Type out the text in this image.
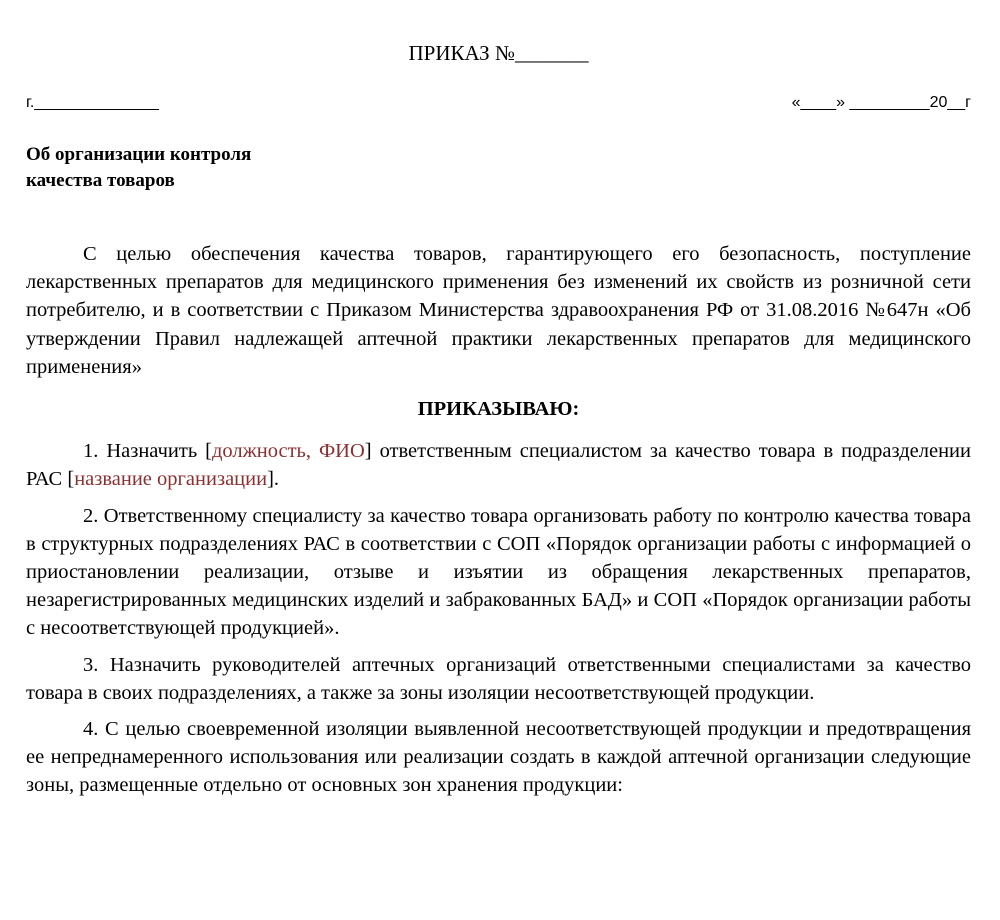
ПРИКАЗ №_______
г.______________	«____» _________20__г
Об организации контроля
качества товаров

С целью обеспечения качества товаров, гарантирующего его безопасность, поступление лекарственных препаратов для медицинского применения без изменений их свойств из розничной сети потребителю, и в соответствии с Приказом Министерства здравоохранения РФ от 31.08.2016 №647н «Об утверждении Правил надлежащей аптечной практики лекарственных препаратов для медицинского применения»

ПРИКАЗЫВАЮ:

1. Назначить [должность, ФИО] ответственным специалистом за качество товара в подразделении РАС [название организации].

2. Ответственному специалисту за качество товара организовать работу по контролю качества товара в структурных подразделениях РАС в соответствии с СОП «Порядок организации работы с информацией о приостановлении реализации, отзыве и изъятии из обращения лекарственных препаратов, незарегистрированных медицинских изделий и забракованных БАД» и СОП «Порядок организации работы с несоответствующей продукцией».

3. Назначить руководителей аптечных организаций ответственными специалистами за качество товара в своих подразделениях, а также за зоны изоляции несоответствующей продукции.

4. С целью своевременной изоляции выявленной несоответствующей продукции и предотвращения ее непреднамеренного использования или реализации создать в каждой аптечной организации следующие зоны, размещенные отдельно от основных зон хранения продукции:
